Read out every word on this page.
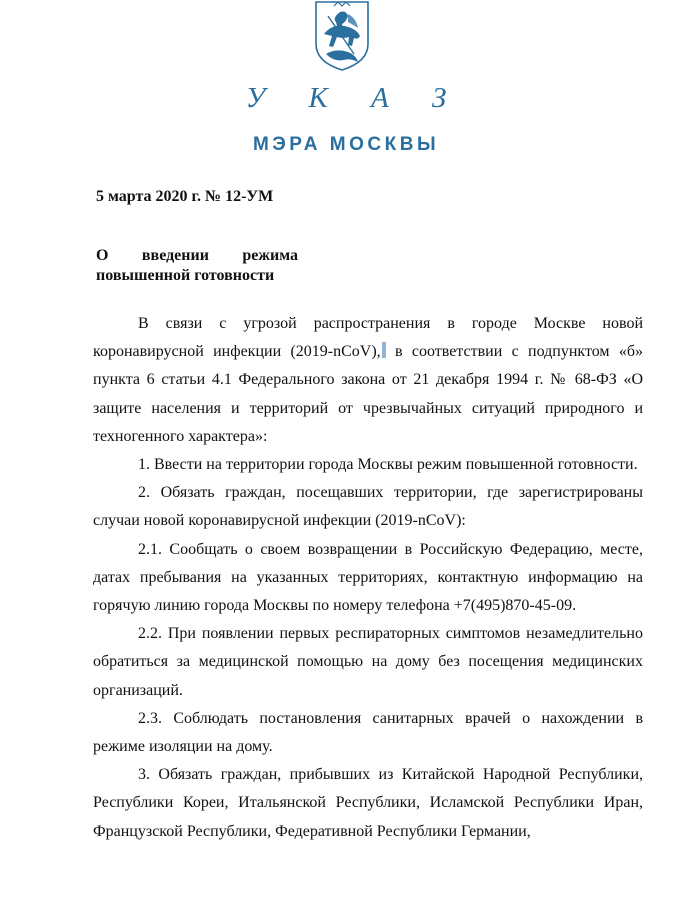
У К А З
МЭРА МОСКВЫ
5 марта 2020 г. № 12-УМ
О введении режима
повышенной готовности

В связи с угрозой распространения в городе Москве новой коронавирусной инфекции (2019-nCoV), в соответствии с подпунктом «б» пункта 6 статьи 4.1 Федерального закона от 21 декабря 1994 г. № 68-ФЗ «О защите населения и территорий от чрезвычайных ситуаций природного и техногенного характера»:

1. Ввести на территории города Москвы режим повышенной готовности.

2. Обязать граждан, посещавших территории, где зарегистрированы случаи новой коронавирусной инфекции (2019-nCoV):

2.1. Сообщать о своем возвращении в Российскую Федерацию, месте, датах пребывания на указанных территориях, контактную информацию на горячую линию города Москвы по номеру телефона +7(495)870-45-09.

2.2. При появлении первых респираторных симптомов незамедлительно обратиться за медицинской помощью на дому без посещения медицинских организаций.

2.3. Соблюдать постановления санитарных врачей о нахождении в режиме изоляции на дому.

3. Обязать граждан, прибывших из Китайской Народной Республики, Республики Кореи, Итальянской Республики, Исламской Республики Иран, Французской Республики, Федеративной Республики Германии,
